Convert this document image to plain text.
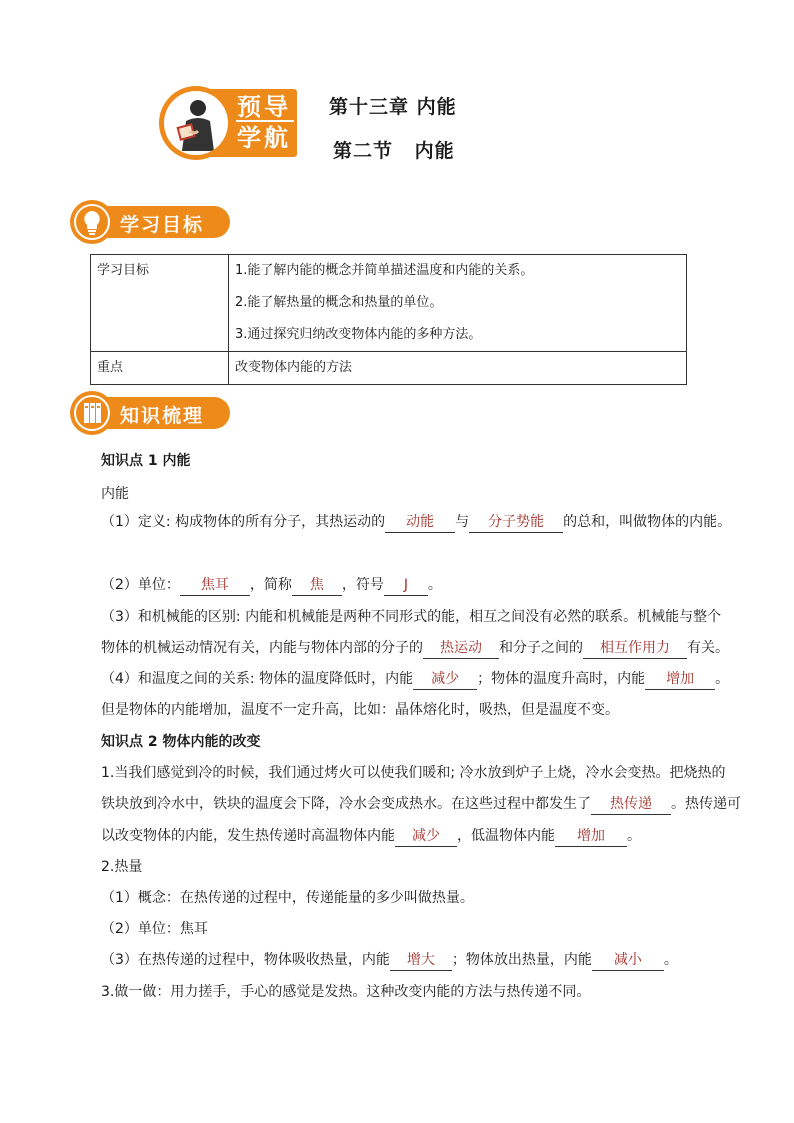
预导
学航
第十三章 内能
第二节 内能
学习目标
学习目标	1.能了解内能的概念并简单描述温度和内能的关系。
2.能了解热量的概念和热量的单位。
3.通过探究归纳改变物体内能的多种方法。

重点	改变物体内能的方法
知识梳理
知识点 1 内能
内能
（1）定义: 构成物体的所有分子，其热运动的 动能 与 分子势能 的总和，叫做物体的内能。
（2）单位： 焦耳 ，简称 焦 ，符号 J 。
（3）和机械能的区别: 内能和机械能是两种不同形式的能，相互之间没有必然的联系。机械能与整个
物体的机械运动情况有关，内能与物体内部的分子的 热运动 和分子之间的 相互作用力 有关。
（4）和温度之间的关系: 物体的温度降低时，内能 减少 ；物体的温度升高时，内能 增加 。
但是物体的内能增加，温度不一定升高，比如：晶体熔化时，吸热，但是温度不变。
知识点 2 物体内能的改变
1.当我们感觉到冷的时候，我们通过烤火可以使我们暖和; 冷水放到炉子上烧，冷水会变热。把烧热的
铁块放到冷水中，铁块的温度会下降，冷水会变成热水。在这些过程中都发生了 热传递 。热传递可
以改变物体的内能，发生热传递时高温物体内能 减少 ，低温物体内能 增加 。
2.热量
（1）概念：在热传递的过程中，传递能量的多少叫做热量。
（2）单位：焦耳
（3）在热传递的过程中，物体吸收热量，内能 增大 ；物体放出热量，内能 减小 。
3.做一做：用力搓手，手心的感觉是发热。这种改变内能的方法与热传递不同。
